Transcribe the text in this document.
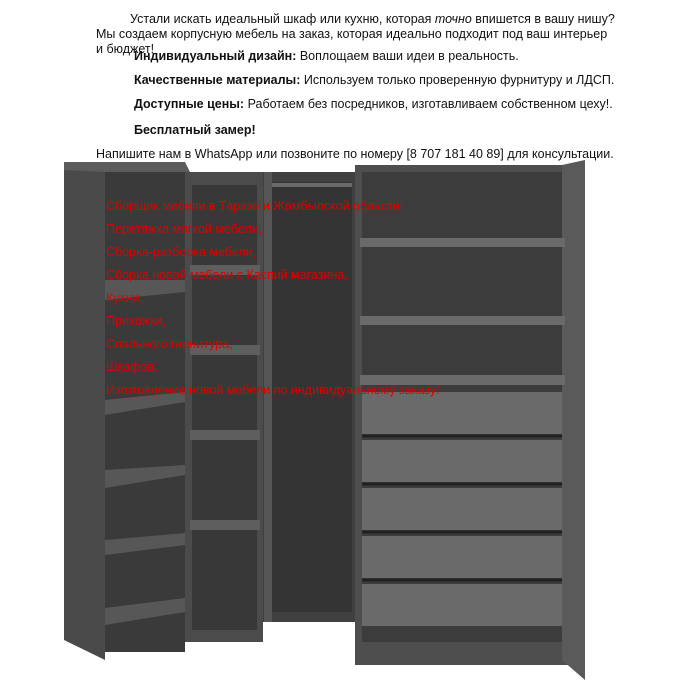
Устали искать идеальный шкаф или кухню, которая точно впишется в вашу нишу? Мы создаем корпусную мебель на заказ, которая идеально подходит под ваш интерьер и бюджет!
Индивидуальный дизайн: Воплощаем ваши идеи в реальность.
Качественные материалы: Используем только проверенную фурнитуру и ЛДСП.
Доступные цены: Работаем без посредников, изготавливаем собственном цеху!.
Бесплатный замер!
Напишите нам в WhatsApp или позвоните по номеру [8 707 181 40 89] для консультации.
Сборщик мебели в Таразе и Жамбылской области!
Перетяжка мягкой мебели,
Сборка-разборка мебели,
Сборка новой мебели с Каспий магазина,
Кухни,
Прихожки,
Спального гарнитура,
Шкафов,
Изготовление новой мебели по индивидуальному заказу!
